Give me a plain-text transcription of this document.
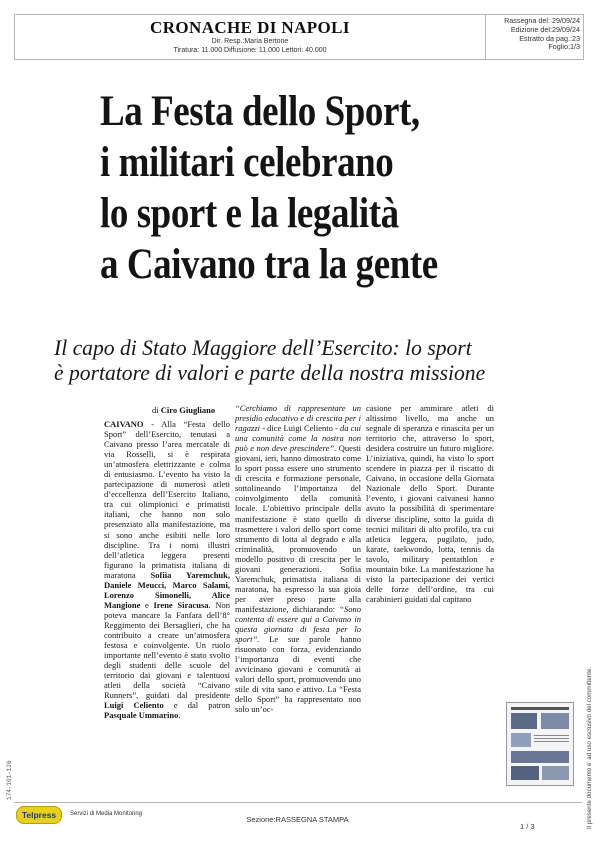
CRONACHE DI NAPOLI
Dir. Resp.:Maria Bertone
Tiratura: 11.000 Diffusione: 11.000 Lettori: 40.000
Rassegna del: 29/09/24
Edizione del:29/09/24
Estratto da pag.:23
Foglio:1/3
La Festa dello Sport,
i militari celebrano
lo sport e la legalità
a Caivano tra la gente
Il capo di Stato Maggiore dell’Esercito: lo sport
è portatore di valori e parte della nostra missione
di Ciro Giugliano

CAIVANO - Alla “Festa dello Sport” dell’Esercito, tenutasi a Caivano presso l’area mercatale di via Rosselli, si è respirata un’atmosfera elettrizzante e colma di entusiasmo. L’evento ha visto la partecipazione di numerosi atleti d’eccellenza dell’Esercito Italiano, tra cui olimpionici e primatisti italiani, che hanno non solo presenziato alla manifestazione, ma si sono anche esibiti nelle loro discipline. Tra i nomi illustri dell’atletica leggera presenti figurano la primatista italiana di maratona Sofiia Yaremchuk, Daniele Meucci, Marco Salami, Lorenzo Simonelli, Alice Mangione e Irene Siracusa. Non poteva mancare la Fanfara dell’8° Reggimento dei Bersaglieri, che ha contribuito a creare un’atmosfera festosa e coinvolgente. Un ruolo importante nell’evento è stato svolto degli studenti delle scuole del territorio dai giovani e talentuosi atleti della società “Caivano Runners”, guidati dal presidente Luigi Celiento e dal patron Pasquale Ummarino.

“Cerchiamo di rappresentare un presidio educativo e di crescita per i ragazzi - dice Luigi Celiento - da cui una comunità come la nostra non può e non deve prescindere”. Questi giovani, ieri, hanno dimostrato come lo sport possa essere uno strumento di crescita e formazione personale, sottolineando l’importanza del coinvolgimento della comunità locale. L’obiettivo principale della manifestazione è stato quello di trasmettere i valori dello sport come strumento di lotta al degrado e alla criminalità, promuovendo un modello positivo di crescita per le giovani generazioni. Sofiia Yaremchuk, primatista italiana di maratona, ha espresso la sua gioia per aver preso parte alla manifestazione, dichiarando: “Sono contenta di essere qui a Caivano in questa giornata di festa per lo sport”. Le sue parole hanno risuonato con forza, evidenziando l’importanza di eventi che avvicinano giovani e comunità ai valori dello sport, promuovendo uno stile di vita sano e attivo. La “Festa dello Sport” ha rappresentato non solo un’oc-

casione per ammirare atleti di altissimo livello, ma anche un segnale di speranza e rinascita per un territorio che, attraverso lo sport, desidera costruire un futuro migliore. L’iniziativa, quindi, ha visto lo sport scendere in piazza per il riscatto di Caivano, in occasione della Giornata Nazionale dello Sport. Durante l’evento, i giovani caivanesi hanno avuto la possibilità di sperimentare diverse discipline, sotto la guida di tecnici militari di alto profilo, tra cui atletica leggera, pugilato, judo, karate, taekwondo, lotta, tennis da tavolo, military pentathlon e mountain bike. La manifestazione ha visto la partecipazione dei vertici delle forze dell’ordine, tra cui carabinieri guidati dal capitano

Il presente documento e' ad uso esclusivo del committente.
174-101-126
Telpress	Servizi di Media Monitoring
Sezione:RASSEGNA STAMPA
1 / 3
